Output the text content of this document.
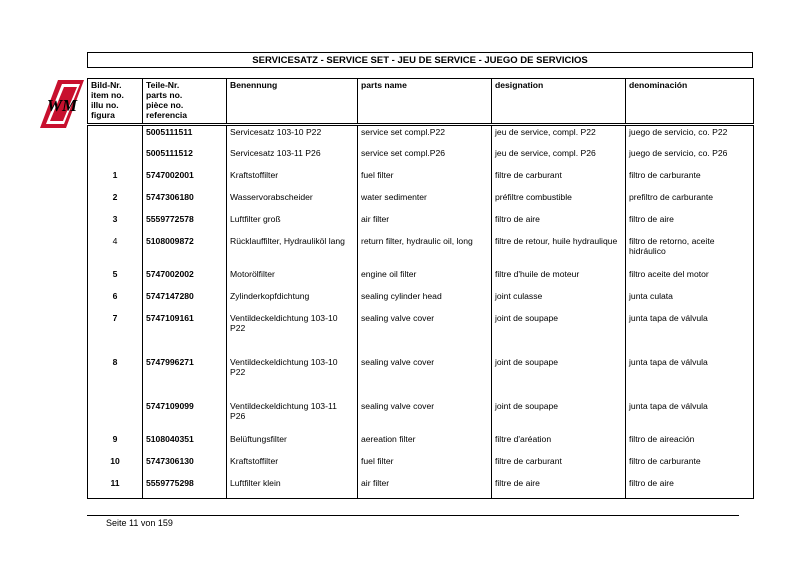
SERVICESATZ - SERVICE SET - JEU DE SERVICE - JUEGO DE SERVICIOS
WM
Bild-Nr.
item no.
illu no.
figura	Teile-Nr.
parts no.
pièce no.
referencia	Benennung	parts name	designation	denominación
	5005111511	Servicesatz 103-10 P22	service set compl.P22	jeu de service, compl. P22	juego de servicio, co. P22
	5005111512	Servicesatz 103-11 P26	service set compl.P26	jeu de service, compl. P26	juego de servicio, co. P26
1	5747002001	Kraftstoffilter	fuel filter	filtre de carburant	filtro de carburante
2	5747306180	Wasservorabscheider	water sedimenter	préfiltre combustible	prefiltro de carburante
3	5559772578	Luftfilter groß	air filter	filtro de aire	filtro de aire
4	5108009872	Rücklauffilter, Hydrauliköl lang	return filter, hydraulic oil, long	filtre de retour, huile hydraulique	filtro de retorno, aceite hidráulico
5	5747002002	Motorölfilter	engine oil filter	filtre d'huile de moteur	filtro aceite del motor
6	5747147280	Zylinderkopfdichtung	sealing cylinder head	joint culasse	junta culata
7	5747109161	Ventildeckeldichtung 103-10 P22	sealing valve cover	joint de soupape	junta tapa de válvula
8	5747996271	Ventildeckeldichtung 103-10 P22	sealing valve cover	joint de soupape	junta tapa de válvula
	5747109099	Ventildeckeldichtung 103-11 P26	sealing valve cover	joint de soupape	junta tapa de válvula
9	5108040351	Belüftungsfilter	aereation filter	filtre d'aréation	filtro de aireación
10	5747306130	Kraftstoffilter	fuel filter	filtre de carburant	filtro de carburante
11	5559775298	Luftfilter klein	air filter	filtre de aire	filtro de aire
Seite 11 von 159
